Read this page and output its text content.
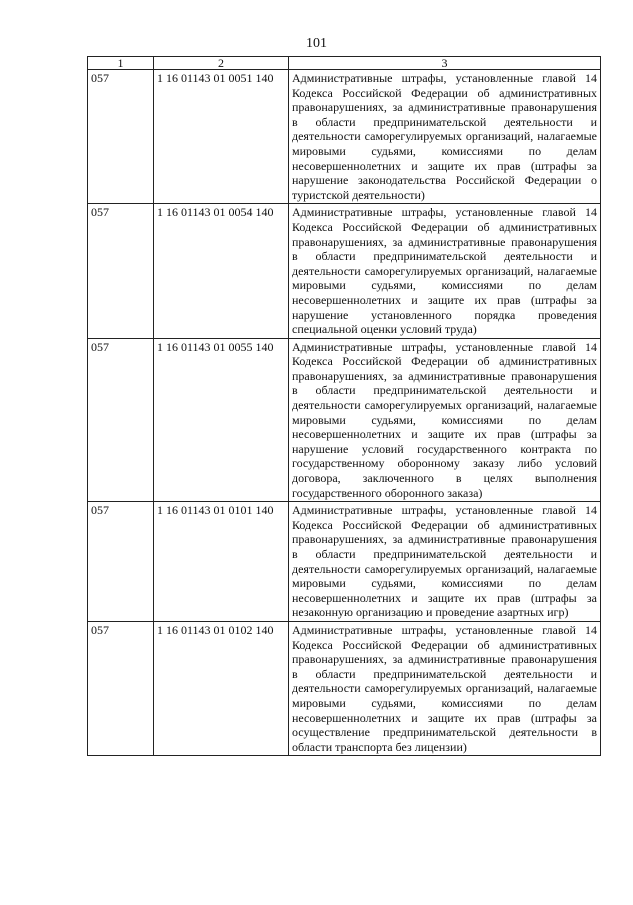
101
1	2	3
057	1 16 01143 01 0051 140	Административные штрафы, установленные главой 14 Кодекса Российской Федерации об административных правонарушениях, за административные правонарушения в области предпринимательской деятельности и деятельности саморегулируемых организаций, налагаемые мировыми судьями, комиссиями по делам несовершеннолетних и защите их прав (штрафы за нарушение законодательства Российской Федерации о туристской деятельности)
057	1 16 01143 01 0054 140	Административные штрафы, установленные главой 14 Кодекса Российской Федерации об административных правонарушениях, за административные правонарушения в области предпринимательской деятельности и деятельности саморегулируемых организаций, налагаемые мировыми судьями, комиссиями по делам несовершеннолетних и защите их прав (штрафы за нарушение установленного порядка проведения специальной оценки условий труда)
057	1 16 01143 01 0055 140	Административные штрафы, установленные главой 14 Кодекса Российской Федерации об административных правонарушениях, за административные правонарушения в области предпринимательской деятельности и деятельности саморегулируемых организаций, налагаемые мировыми судьями, комиссиями по делам несовершеннолетних и защите их прав (штрафы за нарушение условий государственного контракта по государственному оборонному заказу либо условий договора, заключенного в целях выполнения государственного оборонного заказа)
057	1 16 01143 01 0101 140	Административные штрафы, установленные главой 14 Кодекса Российской Федерации об административных правонарушениях, за административные правонарушения в области предпринимательской деятельности и деятельности саморегулируемых организаций, налагаемые мировыми судьями, комиссиями по делам несовершеннолетних и защите их прав (штрафы за незаконную организацию и проведение азартных игр)
057	1 16 01143 01 0102 140	Административные штрафы, установленные главой 14 Кодекса Российской Федерации об административных правонарушениях, за административные правонарушения в области предпринимательской деятельности и деятельности саморегулируемых организаций, налагаемые мировыми судьями, комиссиями по делам несовершеннолетних и защите их прав (штрафы за осуществление предпринимательской деятельности в области транспорта без лицензии)
